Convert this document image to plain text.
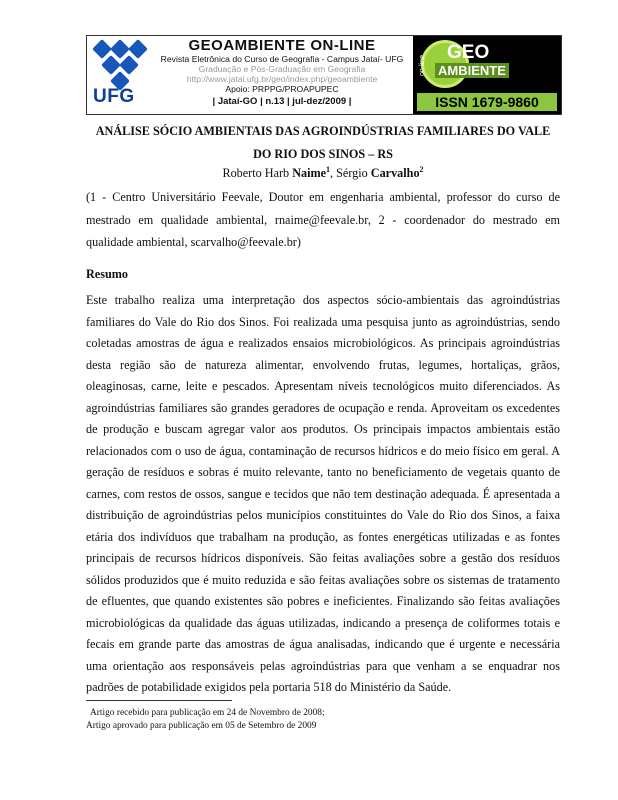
UFG
GEOAMBIENTE ON-LINE
Revista Eletrônica do Curso de Geografia - Campus Jataí- UFG
Graduação e Pós-Graduação em Geografia
http://www.jatai.ufg.br/geo/index.php/geoambiente
Apoio: PRPPG/PROAPUPEC
| Jataí-GO | n.13 | jul-dez/2009 |
on-line
GEO
AMBIENTE
ISSN 1679-9860
ANÁLISE SÓCIO AMBIENTAIS DAS AGROINDÚSTRIAS FAMILIARES DO VALE DO RIO DOS SINOS – RS
Roberto Harb Naime$^1$, Sérgio Carvalho$^2$
(1 - Centro Universitário Feevale, Doutor em engenharia ambiental, professor do curso de mestrado em qualidade ambiental, rnaime@feevale.br, 2 - coordenador do mestrado em qualidade ambiental, scarvalho@feevale.br)
Resumo
Este trabalho realiza uma interpretação dos aspectos sócio-ambientais das agroindústrias familiares do Vale do Rio dos Sinos. Foi realizada uma pesquisa junto as agroindústrias, sendo coletadas amostras de água e realizados ensaios microbiológicos. As principais agroindústrias desta região são de natureza alimentar, envolvendo frutas, legumes, hortaliças, grãos, oleaginosas, carne, leite e pescados. Apresentam níveis tecnológicos muito diferenciados. As agroindústrias familiares são grandes geradores de ocupação e renda. Aproveitam os excedentes de produção e buscam agregar valor aos produtos. Os principais impactos ambientais estão relacionados com o uso de água, contaminação de recursos hídricos e do meio físico em geral. A geração de resíduos e sobras é muito relevante, tanto no beneficiamento de vegetais quanto de carnes, com restos de ossos, sangue e tecidos que não tem destinação adequada. É apresentada a distribuição de agroindústrias pelos municípios constituintes do Vale do Rio dos Sinos, a faixa etária dos indivíduos que trabalham na produção, as fontes energéticas utilizadas e as fontes principais de recursos hídricos disponíveis. São feitas avaliações sobre a gestão dos resíduos sólidos produzidos que é muito reduzida e são feitas avaliações sobre os sistemas de tratamento de efluentes, que quando existentes são pobres e ineficientes. Finalizando são feitas avaliações microbiológicas da qualidade das águas utilizadas, indicando a presença de coliformes totais e fecais em grande parte das amostras de água analisadas, indicando que é urgente e necessária uma orientação aos responsáveis pelas agroindústrias para que venham a se enquadrar nos padrões de potabilidade exigidos pela portaria 518 do Ministério da Saúde.
Artigo recebido para publicação em 24 de Novembro de 2008;
Artigo aprovado para publicação em 05 de Setembro de 2009
